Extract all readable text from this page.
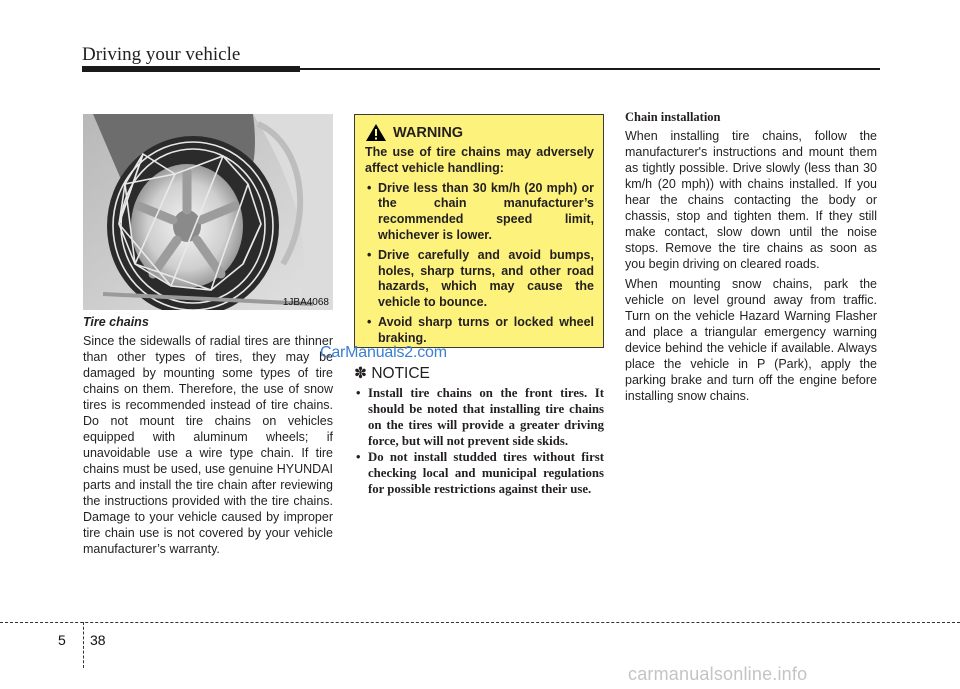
Driving your vehicle
1JBA4068

Tire chains

Since the sidewalls of radial tires are thinner than other types of tires, they may be damaged by mounting some types of tire chains on them. Therefore, the use of snow tires is recommended instead of tire chains. Do not mount tire chains on vehicles equipped with aluminum wheels; if unavoidable use a wire type chain. If tire chains must be used, use genuine HYUNDAI parts and install the tire chain after reviewing the instructions provided with the tire chains. Damage to your vehicle caused by improper tire chain use is not covered by your vehicle manufacturer’s warranty.

WARNING

The use of tire chains may adversely affect vehicle handling:

• Drive less than 30 km/h (20 mph) or the chain manufacturer’s recommended speed limit, whichever is lower.
• Drive carefully and avoid bumps, holes, sharp turns, and other road hazards, which may cause the vehicle to bounce.
• Avoid sharp turns or locked wheel braking.
CarManuals2.com

✽ NOTICE

• Install tire chains on the front tires. It should be noted that installing tire chains on the tires will provide a greater driving force, but will not prevent side skids.
• Do not install studded tires without first checking local and municipal regulations for possible restrictions against their use.

Chain installation

When installing tire chains, follow the manufacturer's instructions and mount them as tightly possible. Drive slowly (less than 30 km/h (20 mph)) with chains installed. If you hear the chains contacting the body or chassis, stop and tighten them. If they still make contact, slow down until the noise stops. Remove the tire chains as soon as you begin driving on cleared roads.

When mounting snow chains, park the vehicle on level ground away from traffic. Turn on the vehicle Hazard Warning Flasher and place a triangular emergency warning device behind the vehicle if available. Always place the vehicle in P (Park), apply the parking brake and turn off the engine before installing snow chains.

5 38
carmanualsonline.info
